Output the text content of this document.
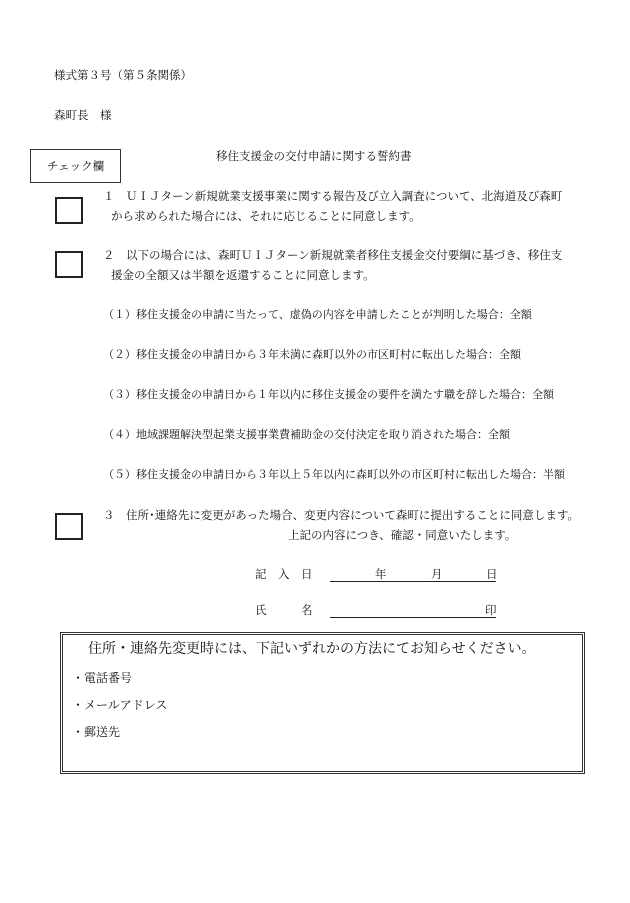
様式第３号（第５条関係）
森町長　様
チェック欄
移住支援金の交付申請に関する誓約書
１　ＵＩＪターン新規就業支援事業に関する報告及び立入調査について、北海道及び森町
から求められた場合には、それに応じることに同意します。
２　以下の場合には、森町ＵＩＪターン新規就業者移住支援金交付要綱に基づき、移住支
援金の全額又は半額を返還することに同意します。
（１）移住支援金の申請に当たって、虚偽の内容を申請したことが判明した場合：全額
（２）移住支援金の申請日から３年未満に森町以外の市区町村に転出した場合：全額
（３）移住支援金の申請日から１年以内に移住支援金の要件を満たす職を辞した場合：全額
（４）地域課題解決型起業支援事業費補助金の交付決定を取り消された場合：全額
（５）移住支援金の申請日から３年以上５年以内に森町以外の市区町村に転出した場合：半額
３　住所･連絡先に変更があった場合、変更内容について森町に提出することに同意します。
上記の内容につき、確認・同意いたします。
記　入　日	年	月	日
氏　　　名	印
住所・連絡先変更時には、下記いずれかの方法にてお知らせください。
・電話番号
・メールアドレス
・郵送先
